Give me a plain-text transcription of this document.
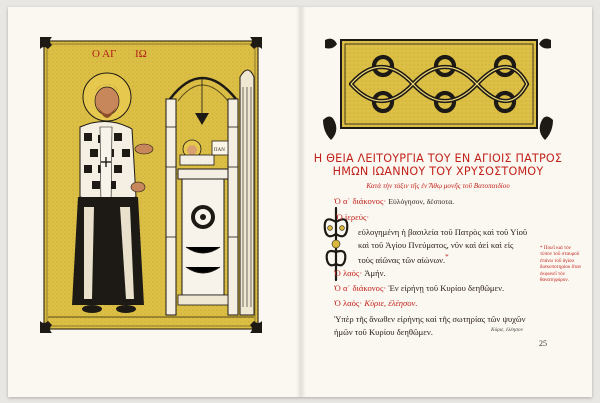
Ο ΑΓ ΙΩ
ΠΑΝ
Η ΘΕΙΑ ΛΕΙΤΟΥΡΓΙΑ ΤΟΥ ΕΝ ΑΓΙΟΙΣ ΠΑΤΡΟΣ
ΗΜΩΝ ΙΩΑΝΝΟΥ ΤΟΥ ΧΡΥΣΟΣΤΟΜΟΥ
Κατὰ τὴν τάξιν τῆς ἐν Ἄθῳ μονῆς τοῦ Βατοπαιδίου
Ὁ α΄ διάκονος· Εὐλόγησον, δέσποτα.
Ὁ ἱερεύς·
εὐλογημένη ἡ βασιλεία τοῦ Πατρὸς καὶ τοῦ Υἱοῦ
καὶ τοῦ Ἁγίου Πνεύματος, νῦν καὶ ἀεὶ καὶ εἰς
τοὺς αἰῶνας τῶν αἰώνων.*
Ὁ λαός· Ἀμήν.
Ὁ α΄ διάκονος· Ἐν εἰρήνῃ τοῦ Κυρίου δεηθῶμεν.
Ὁ λαός· Κύριε, ἐλέησον.
Ὑπὲρ τῆς ἄνωθεν εἰρήνης καὶ τῆς σωτηρίας τῶν ψυχῶν
ἡμῶν τοῦ Κυρίου δεηθῶμεν.
* Ποιεῖ καὶ τὸν τύπον τοῦ σταυροῦ ἐπάνω τοῦ ἁγίου δισκοποτηρίου ὅταν ἐκφωνεῖ τὸν θανατηφόρον.
Κύριε, ἐλέησον
25
